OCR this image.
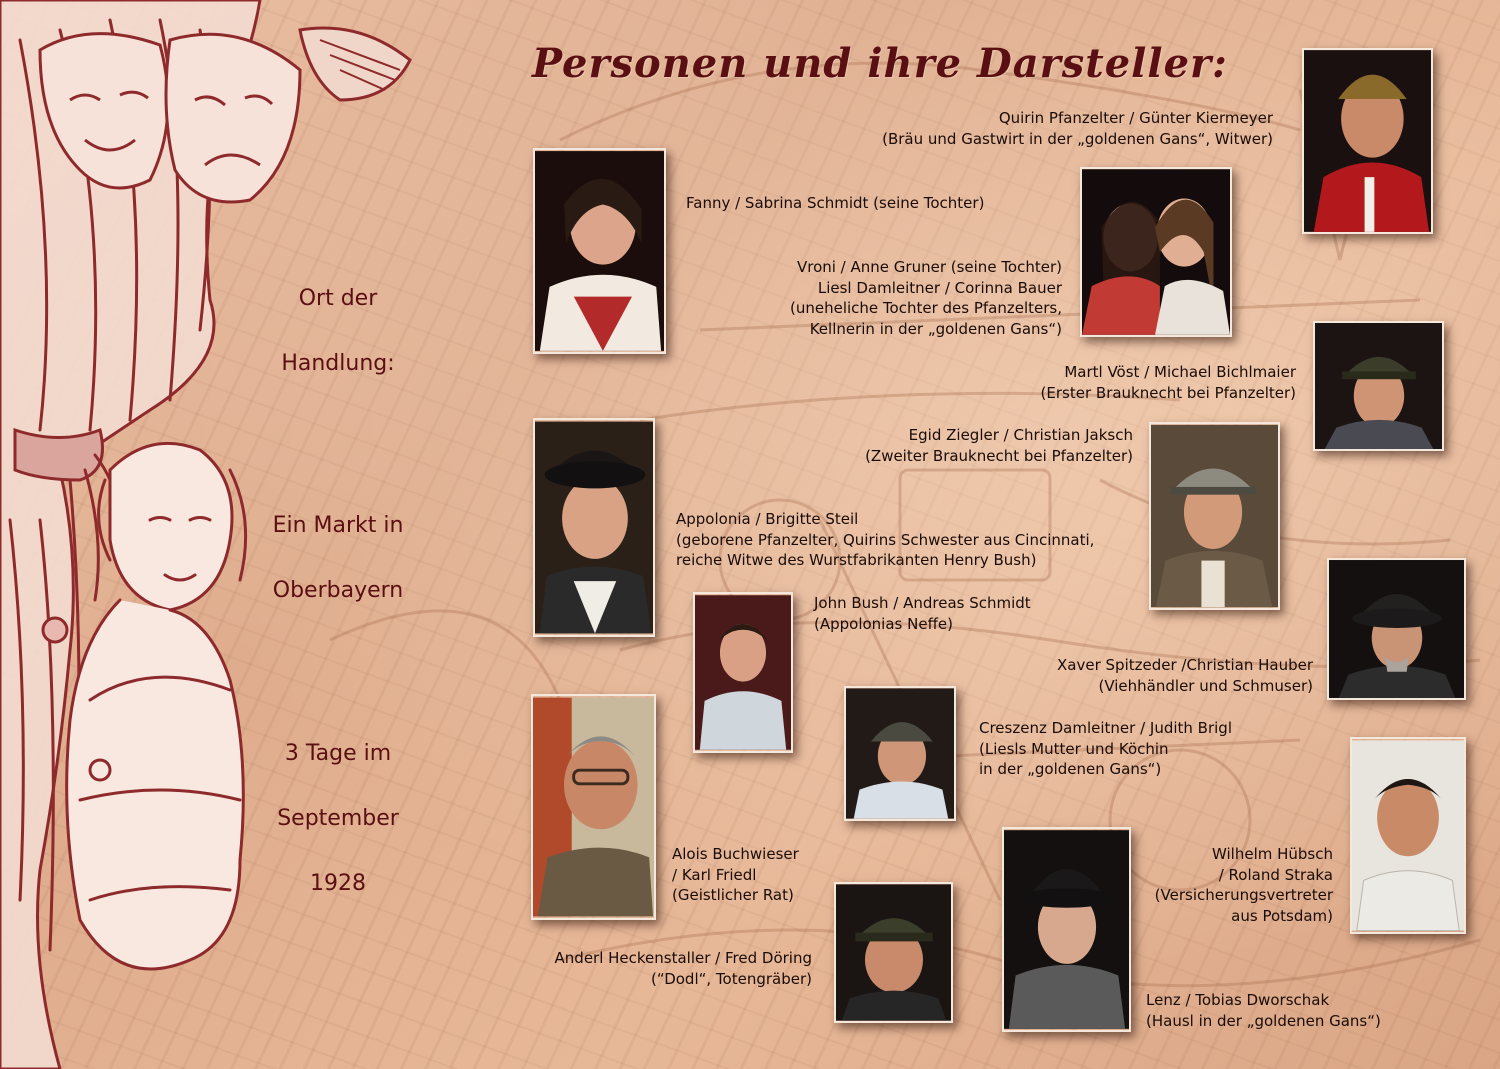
Personen und ihre Darsteller:
Ort der
Handlung:
Ein Markt in
Oberbayern
3 Tage im
September
1928
Quirin Pfanzelter / Günter Kiermeyer
(Bräu und Gastwirt in der „goldenen Gans“, Witwer)
Fanny / Sabrina Schmidt (seine Tochter)
Vroni / Anne Gruner (seine Tochter)
Liesl Damleitner / Corinna Bauer
(uneheliche Tochter des Pfanzelters,
Kellnerin in der „goldenen Gans“)
Martl Vöst / Michael Bichlmaier
(Erster Brauknecht bei Pfanzelter)
Egid Ziegler / Christian Jaksch
(Zweiter Brauknecht bei Pfanzelter)
Appolonia / Brigitte Steil
(geborene Pfanzelter, Quirins Schwester aus Cincinnati,
reiche Witwe des Wurstfabrikanten Henry Bush)
John Bush / Andreas Schmidt
(Appolonias Neffe)
Xaver Spitzeder /Christian Hauber
(Viehhändler und Schmuser)
Creszenz Damleitner / Judith Brigl
(Liesls Mutter und Köchin
in der „goldenen Gans“)
Wilhelm Hübsch
/ Roland Straka
(Versicherungsvertreter
aus Potsdam)
Alois Buchwieser
/ Karl Friedl
(Geistlicher Rat)
Anderl Heckenstaller / Fred Döring
(“Dodl“, Totengräber)
Lenz / Tobias Dworschak
(Hausl in der „goldenen Gans“)
